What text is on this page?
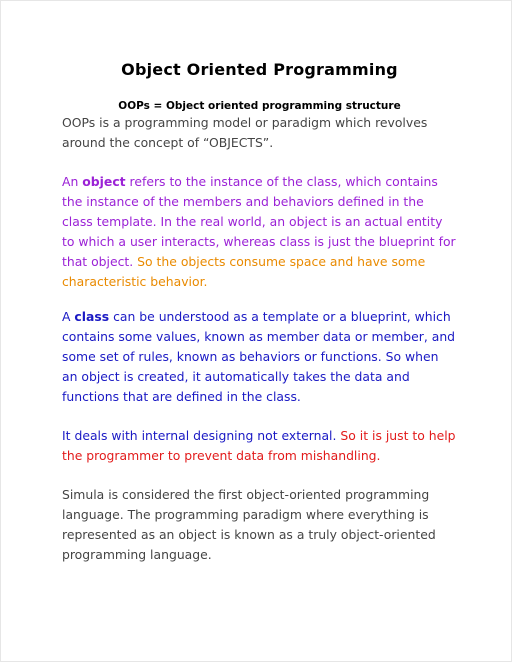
Object Oriented Programming

OOPs = Object oriented programming structure

OOPs is a programming model or paradigm which revolves around the concept of “OBJECTS”.

An object refers to the instance of the class, which contains the instance of the members and behaviors defined in the class template. In the real world, an object is an actual entity to which a user interacts, whereas class is just the blueprint for that object. So the objects consume space and have some characteristic behavior.

A class can be understood as a template or a blueprint, which contains some values, known as member data or member, and some set of rules, known as behaviors or functions. So when an object is created, it automatically takes the data and functions that are defined in the class.

It deals with internal designing not external. So it is just to help the programmer to prevent data from mishandling.

Simula is considered the first object-oriented programming language. The programming paradigm where everything is represented as an object is known as a truly object-oriented programming language.
